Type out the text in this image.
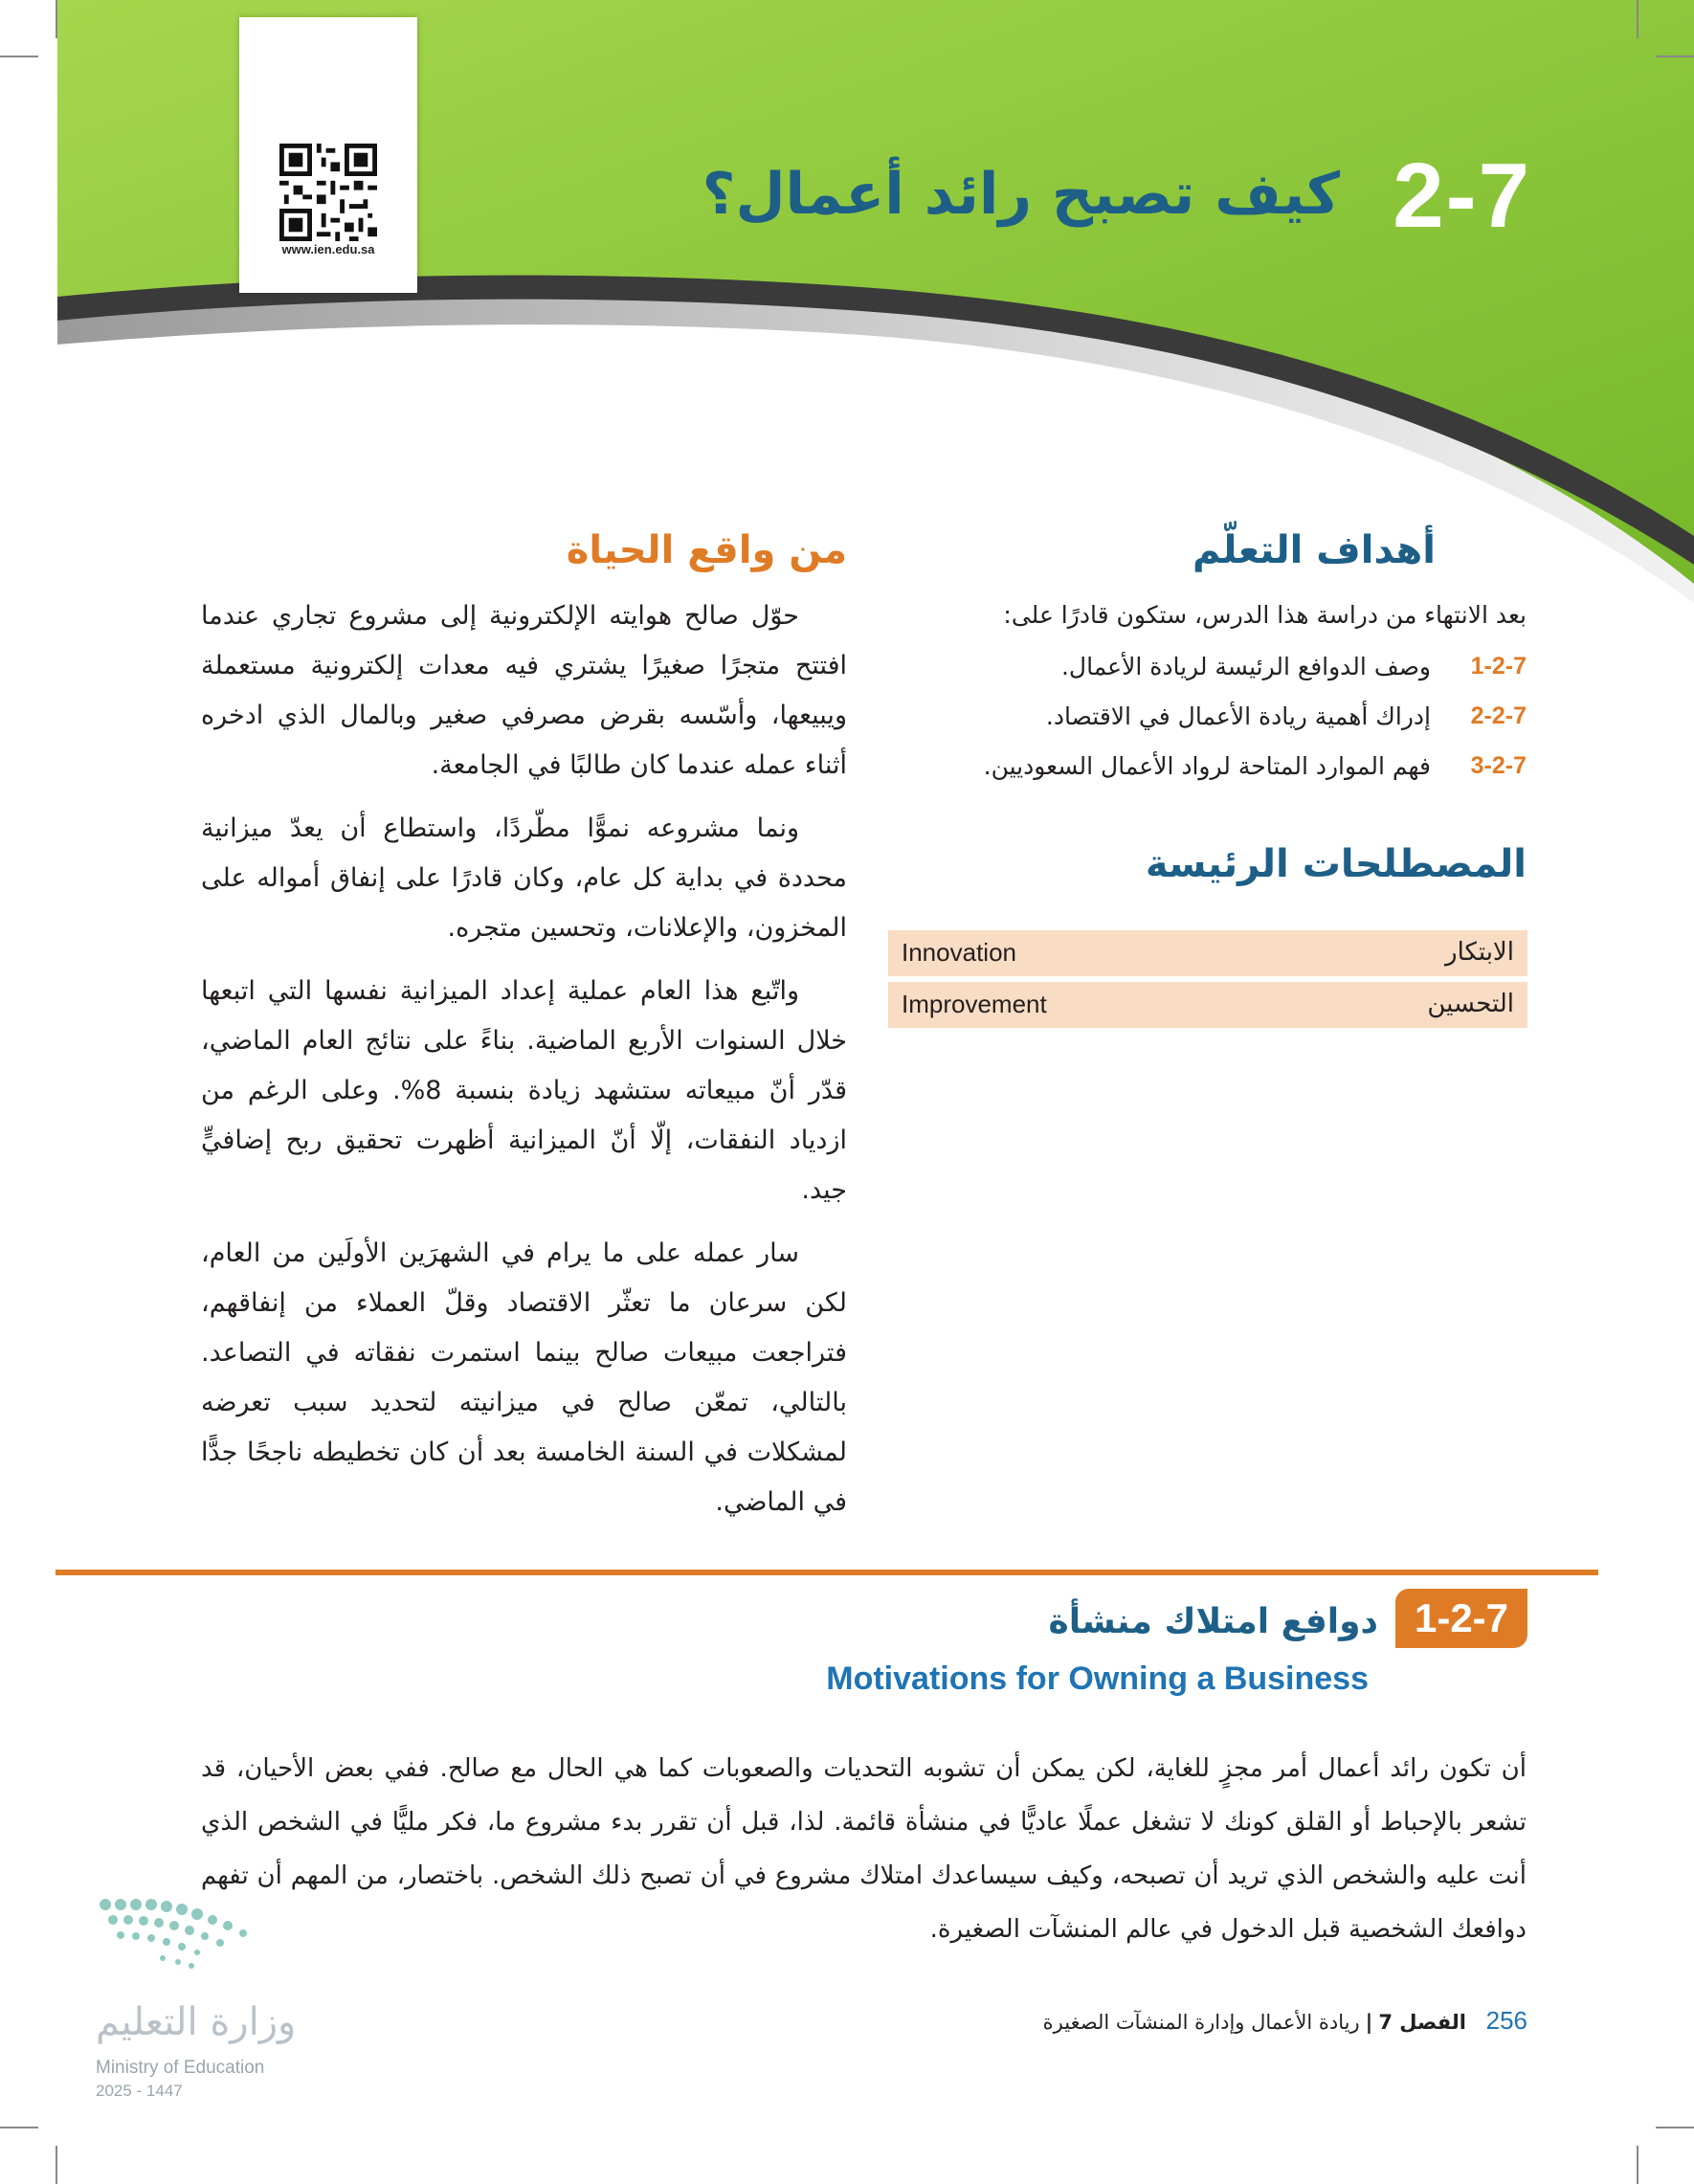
www.ien.edu.sa
2-7
كيف تصبح رائد أعمال؟
أهداف التعلّم
بعد الانتهاء من دراسة هذا الدرس، ستكون قادرًا على:
1-2-7
وصف الدوافع الرئيسة لريادة الأعمال.
2-2-7
إدراك أهمية ريادة الأعمال في الاقتصاد.
3-2-7
فهم الموارد المتاحة لرواد الأعمال السعوديين.
المصطلحات الرئيسة
Innovation	الابتكار
Improvement	التحسين
من واقع الحياة

حوّل صالح هوايته الإلكترونية إلى مشروع تجاري عندما افتتح متجرًا صغيرًا يشتري فيه معدات إلكترونية مستعملة ويبيعها، وأسّسه بقرض مصرفي صغير وبالمال الذي ادخره أثناء عمله عندما كان طالبًا في الجامعة.

ونما مشروعه نموًّا مطّردًا، واستطاع أن يعدّ ميزانية محددة في بداية كل عام، وكان قادرًا على إنفاق أمواله على المخزون، والإعلانات، وتحسين متجره.

واتّبع هذا العام عملية إعداد الميزانية نفسها التي اتبعها خلال السنوات الأربع الماضية. بناءً على نتائج العام الماضي، قدّر أنّ مبيعاته ستشهد زيادة بنسبة 8%. وعلى الرغم من ازدياد النفقات، إلّا أنّ الميزانية أظهرت تحقيق ربح إضافيٍّ جيد.

سار عمله على ما يرام في الشهرَين الأولَين من العام، لكن سرعان ما تعثّر الاقتصاد وقلّ العملاء من إنفاقهم، فتراجعت مبيعات صالح بينما استمرت نفقاته في التصاعد. بالتالي، تمعّن صالح في ميزانيته لتحديد سبب تعرضه لمشكلات في السنة الخامسة بعد أن كان تخطيطه ناجحًا جدًّا في الماضي.

1-2-7
دوافع امتلاك منشأة
Motivations for Owning a Business
أن تكون رائد أعمال أمر مجزٍ للغاية، لكن يمكن أن تشوبه التحديات والصعوبات كما هي الحال مع صالح. ففي بعض الأحيان، قد تشعر بالإحباط أو القلق كونك لا تشغل عملًا عاديًّا في منشأة قائمة. لذا، قبل أن تقرر بدء مشروع ما، فكر مليًّا في الشخص الذي أنت عليه والشخص الذي تريد أن تصبحه، وكيف سيساعدك امتلاك مشروع في أن تصبح ذلك الشخص. باختصار، من المهم أن تفهم دوافعك الشخصية قبل الدخول في عالم المنشآت الصغيرة.
وزارة التعليم
Ministry of Education
2025 - 1447
256 الفصل 7|ريادة الأعمال وإدارة المنشآت الصغيرة
